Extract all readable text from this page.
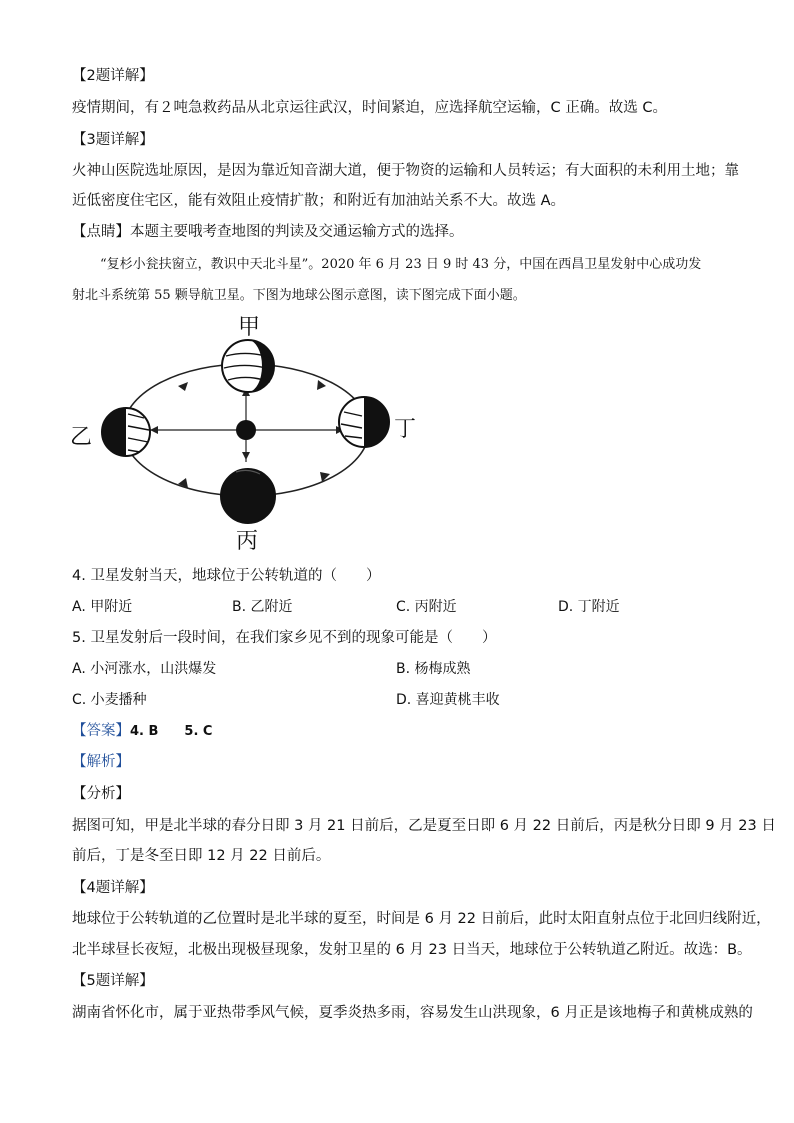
【2题详解】
疫情期间，有２吨急救药品从北京运往武汉，时间紧迫，应选择航空运输，C 正确。故选 C。
【3题详解】
火神山医院选址原因，是因为靠近知音湖大道，便于物资的运输和人员转运；有大面积的未利用土地；靠
近低密度住宅区，能有效阻止疫情扩散；和附近有加油站关系不大。故选 A。
【点睛】本题主要哦考查地图的判读及交通运输方式的选择。
“复杉小瓮扶窗立，教识中天北斗星”。2020 年 6 月 23 日 9 时 43 分，中国在西昌卫星发射中心成功发
射北斗系统第 55 颗导航卫星。下图为地球公图示意图，读下图完成下面小题。
甲
乙
丙
丁
4. 卫星发射当天，地球位于公转轨道的（　　）
A. 甲附近	B. 乙附近	C. 丙附近	D. 丁附近
5. 卫星发射后一段时间，在我们家乡见不到的现象可能是（　　）
A. 小河涨水，山洪爆发	B. 杨梅成熟
C. 小麦播种	D. 喜迎黄桃丰收
【答案】4. B　　5. C
【解析】
【分析】
据图可知，甲是北半球的春分日即 3 月 21 日前后，乙是夏至日即 6 月 22 日前后，丙是秋分日即 9 月 23 日
前后，丁是冬至日即 12 月 22 日前后。
【4题详解】
地球位于公转轨道的乙位置时是北半球的夏至，时间是 6 月 22 日前后，此时太阳直射点位于北回归线附近，
北半球昼长夜短，北极出现极昼现象，发射卫星的 6 月 23 日当天，地球位于公转轨道乙附近。故选：B。
【5题详解】
湖南省怀化市，属于亚热带季风气候，夏季炎热多雨，容易发生山洪现象，6 月正是该地梅子和黄桃成熟的
